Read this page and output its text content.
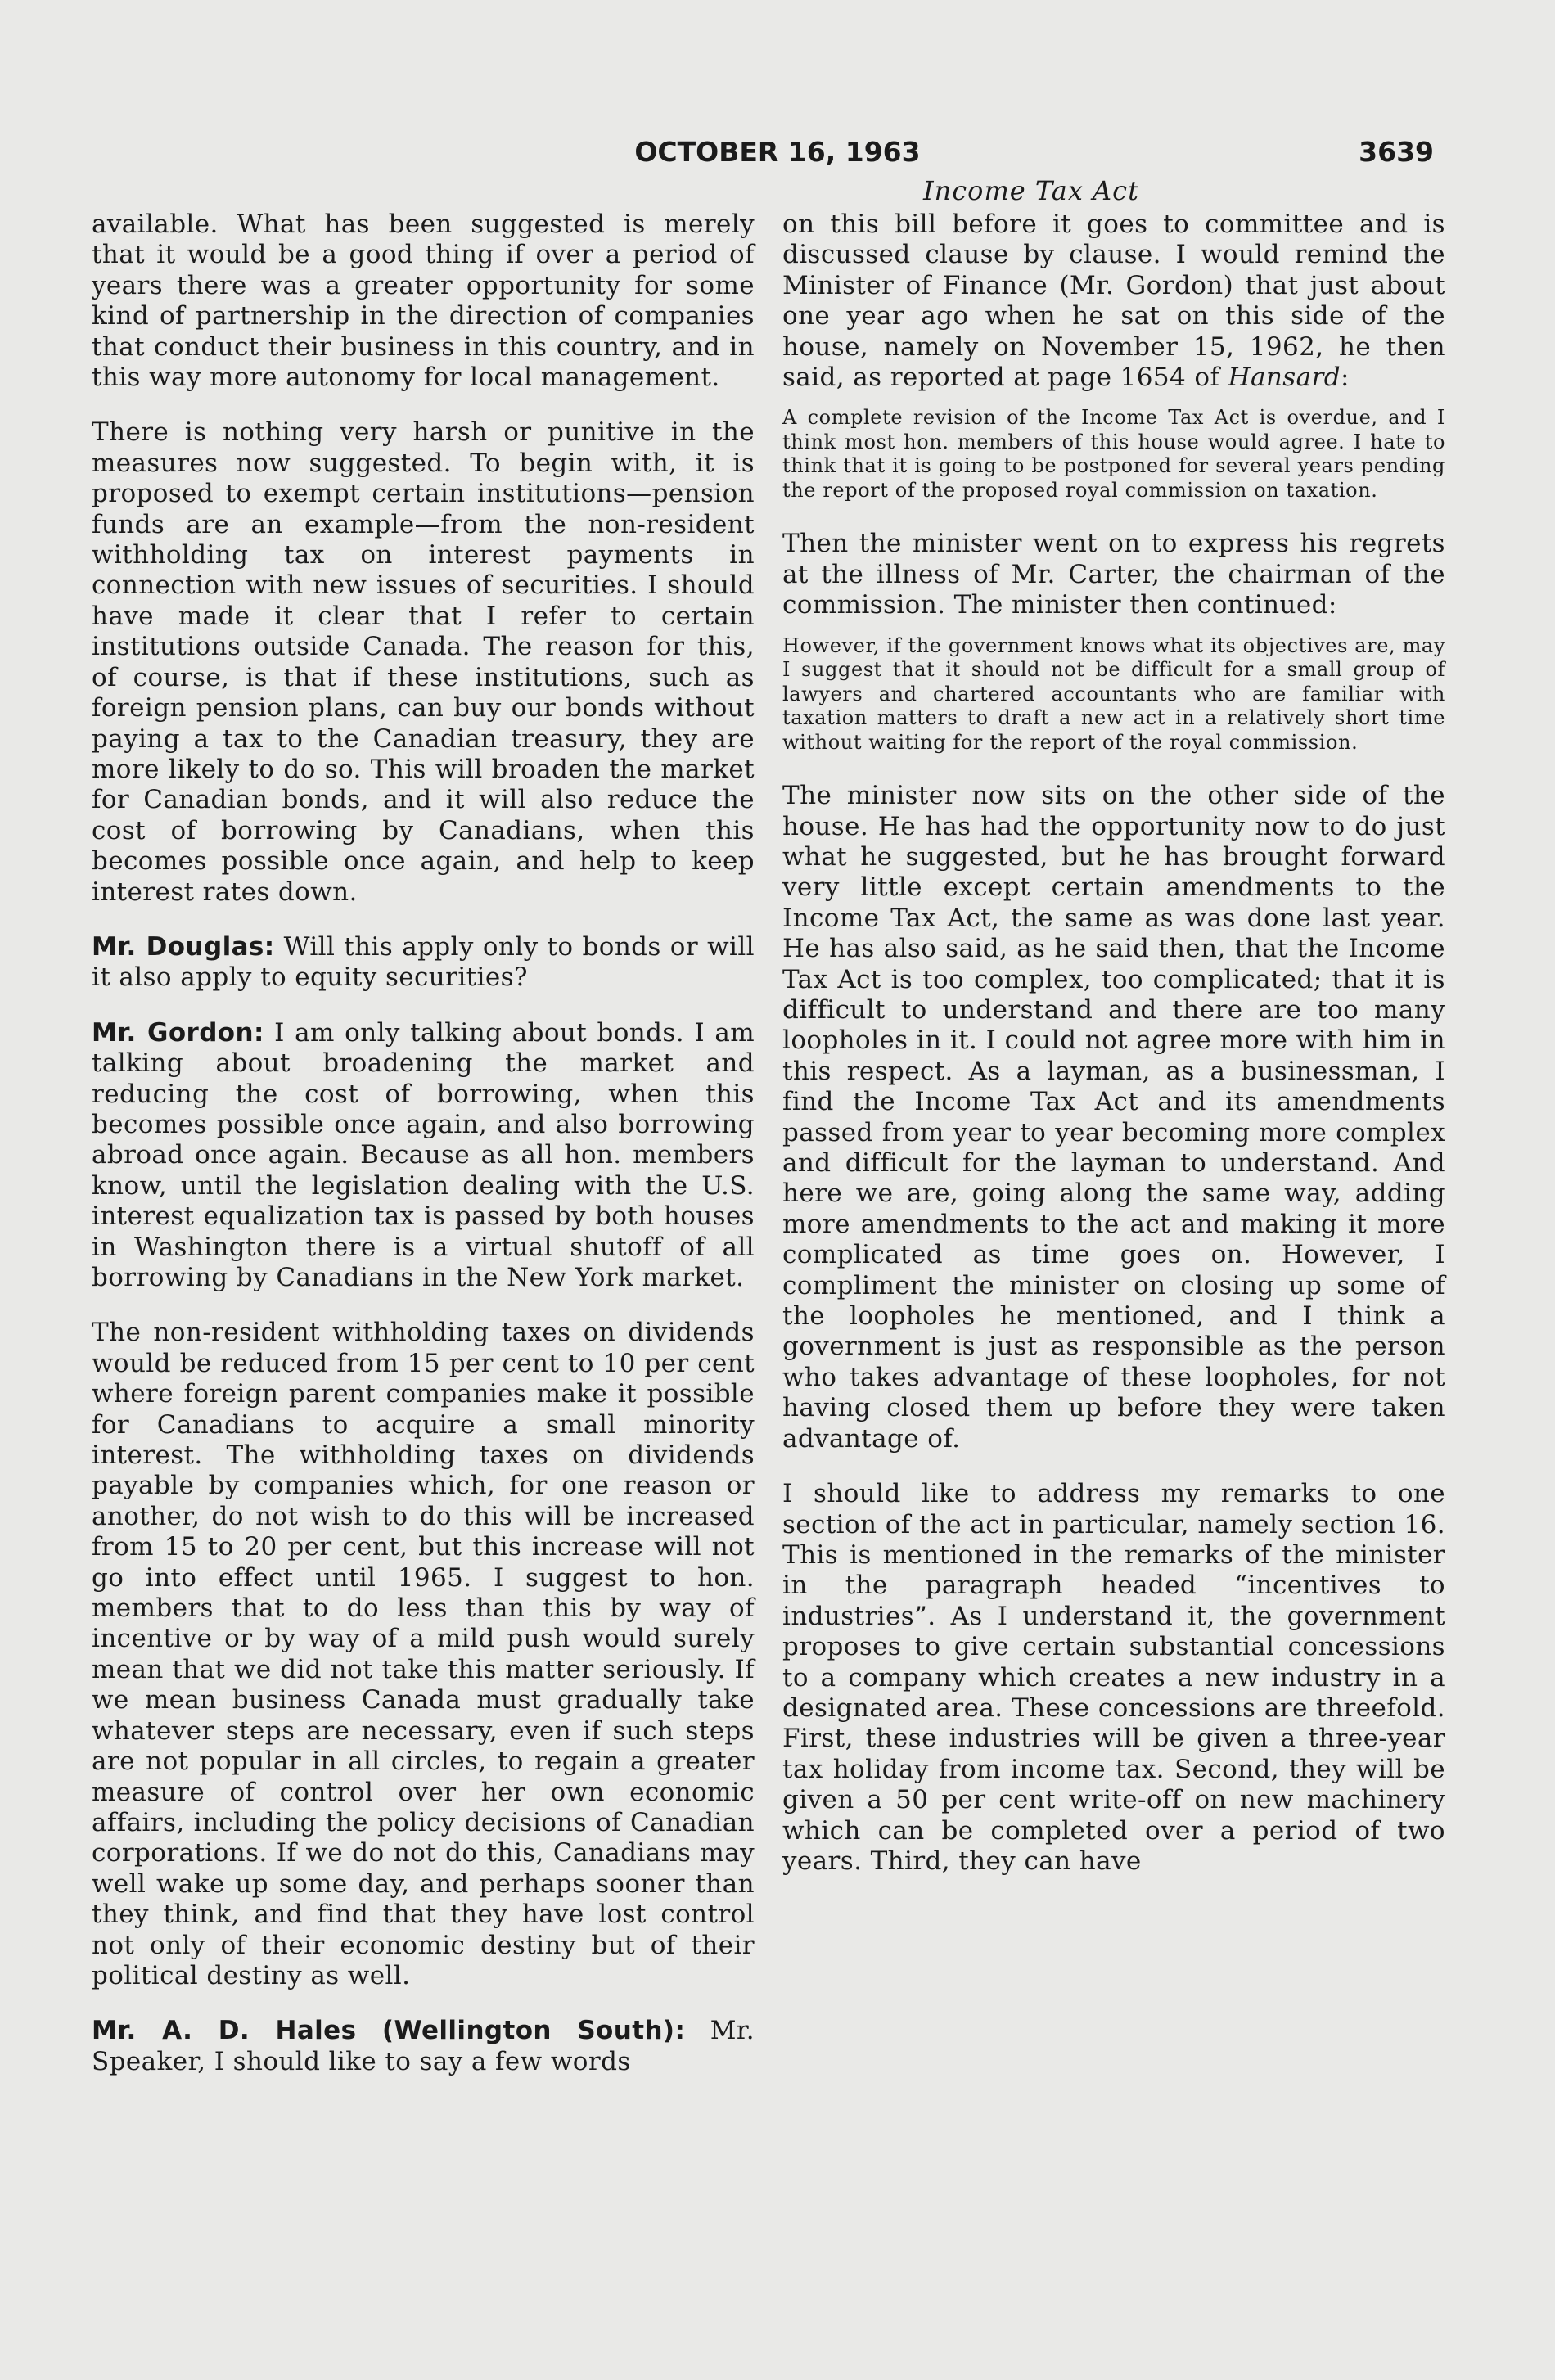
OCTOBER 16, 1963	3639
Income Tax Act

available. What has been suggested is merely that it would be a good thing if over a period of years there was a greater opportunity for some kind of partnership in the direction of companies that conduct their business in this country, and in this way more autonomy for local management.

There is nothing very harsh or punitive in the measures now suggested. To begin with, it is proposed to exempt certain institutions—pension funds are an example—from the non-resident withholding tax on interest payments in connection with new issues of securities. I should have made it clear that I refer to certain institutions outside Canada. The reason for this, of course, is that if these institutions, such as foreign pension plans, can buy our bonds without paying a tax to the Canadian treasury, they are more likely to do so. This will broaden the market for Canadian bonds, and it will also reduce the cost of borrowing by Canadians, when this becomes possible once again, and help to keep interest rates down.

Mr. Douglas: Will this apply only to bonds or will it also apply to equity securities?

Mr. Gordon: I am only talking about bonds. I am talking about broadening the market and reducing the cost of borrowing, when this becomes possible once again, and also borrowing abroad once again. Because as all hon. members know, until the legislation dealing with the U.S. interest equalization tax is passed by both houses in Washington there is a virtual shutoff of all borrowing by Canadians in the New York market.

The non-resident withholding taxes on dividends would be reduced from 15 per cent to 10 per cent where foreign parent companies make it possible for Canadians to acquire a small minority interest. The withholding taxes on dividends payable by companies which, for one reason or another, do not wish to do this will be increased from 15 to 20 per cent, but this increase will not go into effect until 1965. I suggest to hon. members that to do less than this by way of incentive or by way of a mild push would surely mean that we did not take this matter seriously. If we mean business Canada must gradually take whatever steps are necessary, even if such steps are not popular in all circles, to regain a greater measure of control over her own economic affairs, including the policy decisions of Canadian corporations. If we do not do this, Canadians may well wake up some day, and perhaps sooner than they think, and find that they have lost control not only of their economic destiny but of their political destiny as well.

Mr. A. D. Hales (Wellington South): Mr. Speaker, I should like to say a few words

on this bill before it goes to committee and is discussed clause by clause. I would remind the Minister of Finance (Mr. Gordon) that just about one year ago when he sat on this side of the house, namely on November 15, 1962, he then said, as reported at page 1654 of Hansard:

A complete revision of the Income Tax Act is overdue, and I think most hon. members of this house would agree. I hate to think that it is going to be postponed for several years pending the report of the proposed royal commission on taxation.

Then the minister went on to express his regrets at the illness of Mr. Carter, the chairman of the commission. The minister then continued:

However, if the government knows what its objectives are, may I suggest that it should not be difficult for a small group of lawyers and chartered accountants who are familiar with taxation matters to draft a new act in a relatively short time without waiting for the report of the royal commission.

The minister now sits on the other side of the house. He has had the opportunity now to do just what he suggested, but he has brought forward very little except certain amendments to the Income Tax Act, the same as was done last year. He has also said, as he said then, that the Income Tax Act is too complex, too complicated; that it is difficult to understand and there are too many loopholes in it. I could not agree more with him in this respect. As a layman, as a businessman, I find the Income Tax Act and its amendments passed from year to year becoming more complex and difficult for the layman to understand. And here we are, going along the same way, adding more amendments to the act and making it more complicated as time goes on. However, I compliment the minister on closing up some of the loopholes he mentioned, and I think a government is just as responsible as the person who takes advantage of these loopholes, for not having closed them up before they were taken advantage of.

I should like to address my remarks to one section of the act in particular, namely section 16. This is mentioned in the remarks of the minister in the paragraph headed “incentives to industries”. As I understand it, the government proposes to give certain substantial concessions to a company which creates a new industry in a designated area. These concessions are threefold. First, these industries will be given a three-year tax holiday from income tax. Second, they will be given a 50 per cent write-off on new machinery which can be completed over a period of two years. Third, they can have
